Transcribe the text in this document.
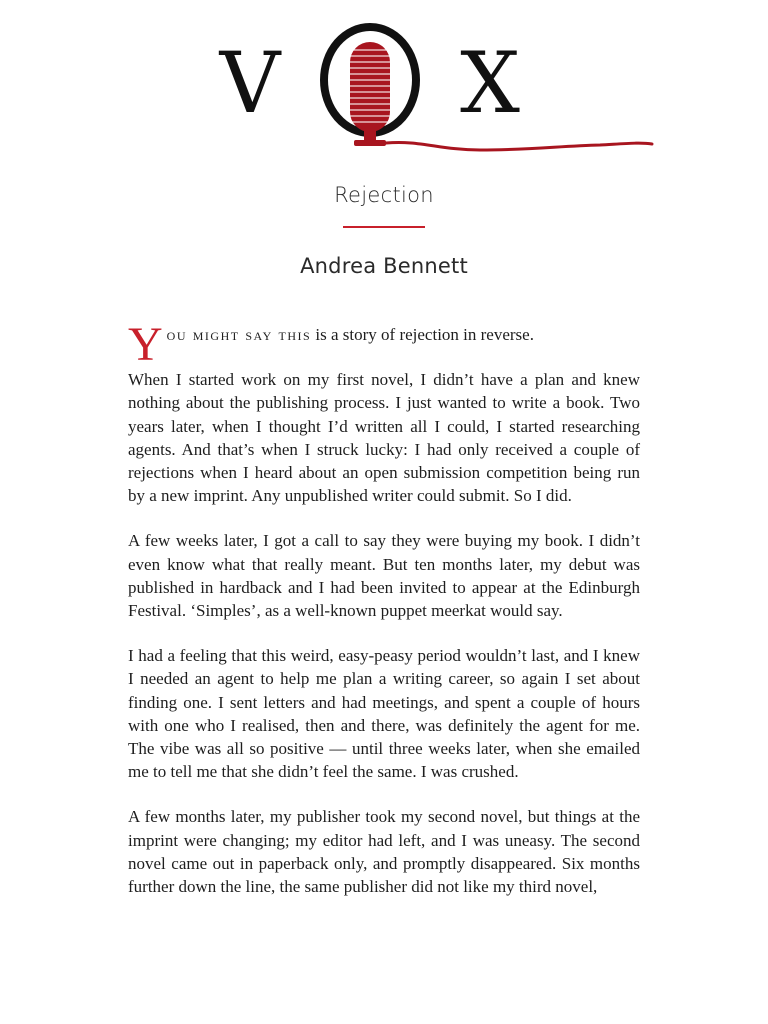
V X
Rejection
Andrea Bennett

You might say this is a story of rejection in reverse.

When I started work on my first novel, I didn’t have a plan and knew nothing about the publishing process. I just wanted to write a book. Two years later, when I thought I’d written all I could, I started researching agents. And that’s when I struck lucky: I had only received a couple of rejections when I heard about an open submission competition being run by a new imprint. Any unpublished writer could submit. So I did.

A few weeks later, I got a call to say they were buying my book. I didn’t even know what that really meant. But ten months later, my debut was published in hardback and I had been invited to appear at the Edinburgh Festival. ‘Simples’, as a well-known puppet meerkat would say.

I had a feeling that this weird, easy-peasy period wouldn’t last, and I knew I needed an agent to help me plan a writing career, so again I set about finding one. I sent letters and had meetings, and spent a couple of hours with one who I realised, then and there, was definitely the agent for me. The vibe was all so positive — until three weeks later, when she emailed me to tell me that she didn’t feel the same. I was crushed.

A few months later, my publisher took my second novel, but things at the imprint were changing; my editor had left, and I was uneasy. The second novel came out in paperback only, and promptly disappeared. Six months further down the line, the same publisher did not like my third novel,
